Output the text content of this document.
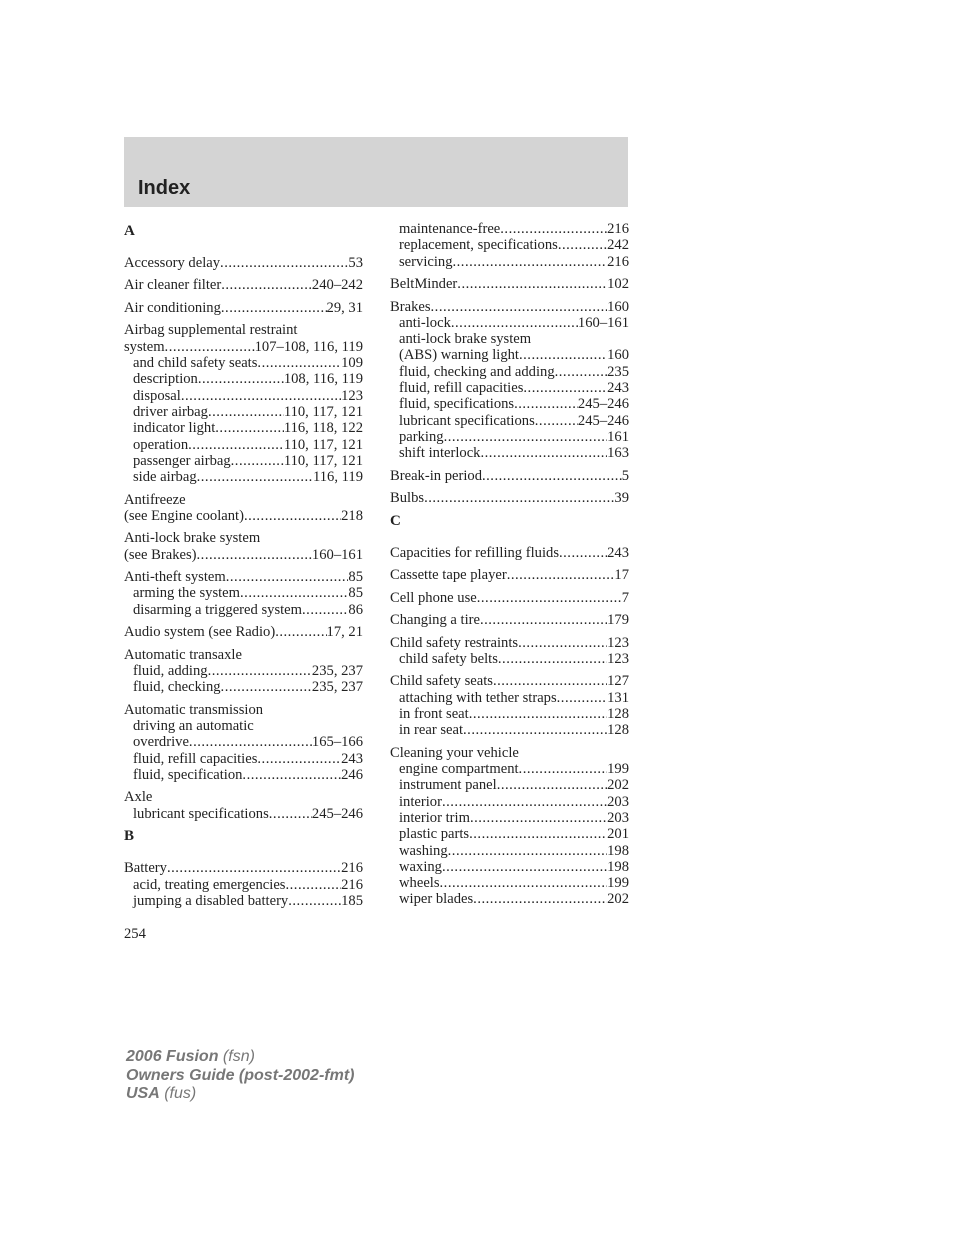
Index
A
Accessory delay .....	53
Air cleaner filter .....	240–242
Air conditioning .....	29, 31
Airbag supplemental restraint
system .....	107–108, 116, 119
and child safety seats .....	109
description .....	108, 116, 119
disposal .....	123
driver airbag .....	110, 117, 121
indicator light .....	116, 118, 122
operation .....	110, 117, 121
passenger airbag .....	110, 117, 121
side airbag .....	116, 119
Antifreeze
(see Engine coolant) .....	218
Anti-lock brake system
(see Brakes) .....	160–161
Anti-theft system .....	85
arming the system .....	85
disarming a triggered system .....	86
Audio system (see Radio) .....	17, 21
Automatic transaxle
fluid, adding .....	235, 237
fluid, checking .....	235, 237
Automatic transmission
driving an automatic
overdrive .....	165–166
fluid, refill capacities .....	243
fluid, specification .....	246
Axle
lubricant specifications .....	245–246
B
Battery .....	216
acid, treating emergencies .....	216
jumping a disabled battery .....	185
maintenance-free .....	216
replacement, specifications .....	242
servicing .....	216
BeltMinder .....	102
Brakes .....	160
anti-lock .....	160–161
anti-lock brake system
(ABS) warning light .....	160
fluid, checking and adding .....	235
fluid, refill capacities .....	243
fluid, specifications .....	245–246
lubricant specifications .....	245–246
parking .....	161
shift interlock .....	163
Break-in period .....	5
Bulbs .....	39
C
Capacities for refilling fluids .....	243
Cassette tape player .....	17
Cell phone use .....	7
Changing a tire .....	179
Child safety restraints .....	123
child safety belts .....	123
Child safety seats .....	127
attaching with tether straps .....	131
in front seat .....	128
in rear seat .....	128
Cleaning your vehicle
engine compartment .....	199
instrument panel .....	202
interior .....	203
interior trim .....	203
plastic parts .....	201
washing .....	198
waxing .....	198
wheels .....	199
wiper blades .....	202
254
2006 Fusion (fsn)
Owners Guide (post-2002-fmt)
USA (fus)
